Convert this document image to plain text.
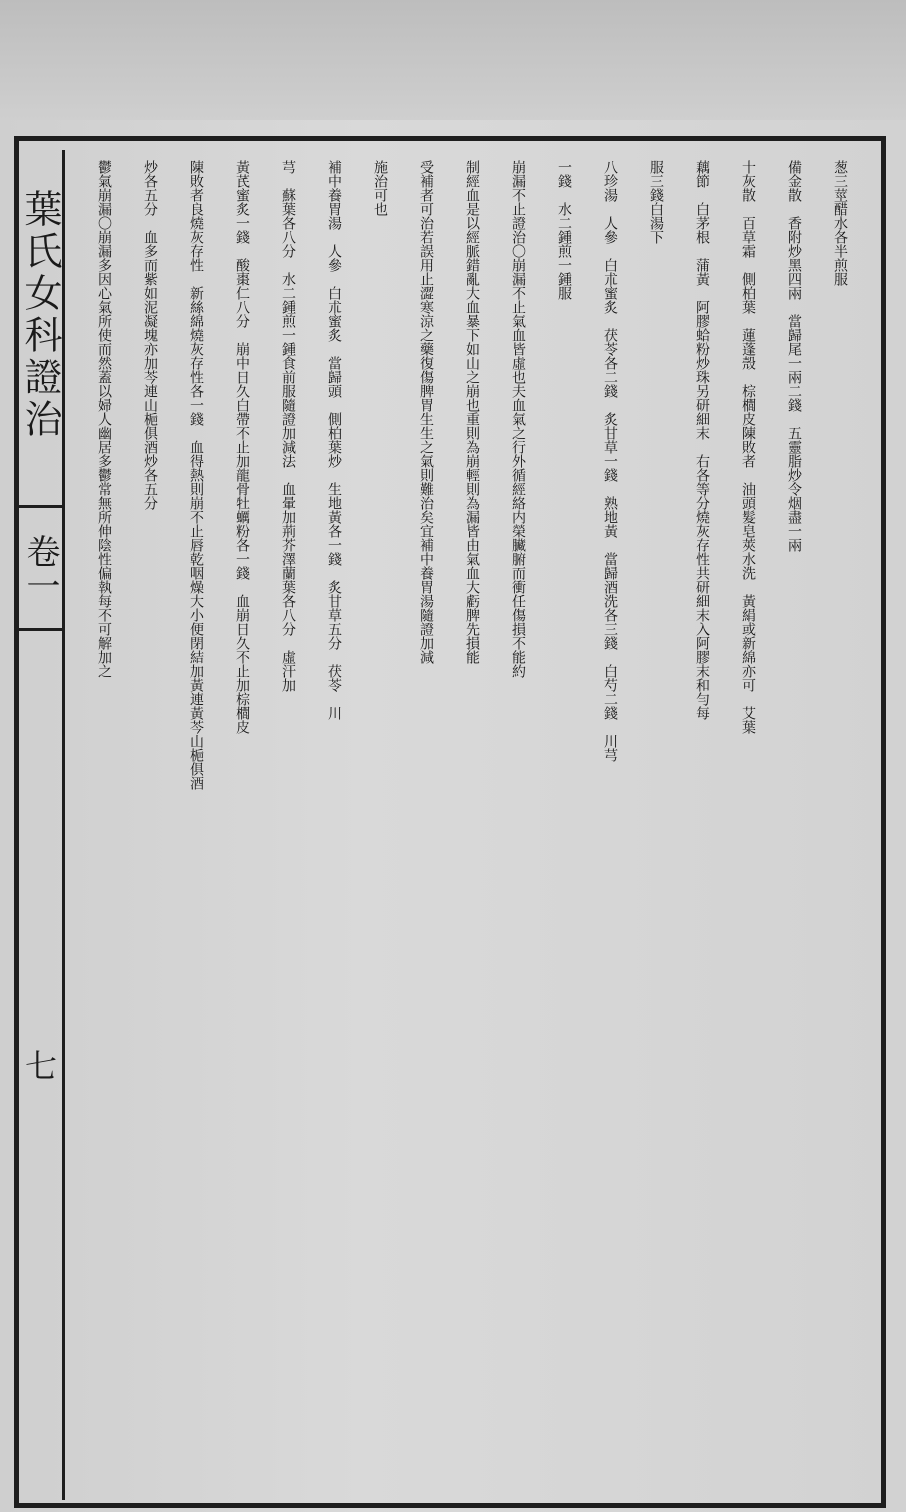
葉氏女科證治
卷一
七
葱三莖醋水各半煎服
備金散　香附炒黑四兩　當歸尾一兩二錢　五靈脂炒令烟盡一兩
十灰散　百草霜　側柏葉　蓮蓬殼　棕櫚皮陳敗者　油頭髮皂莢水洗　黃絹或新綿亦可　艾葉
藕節　白茅根　蒲黃　阿膠蛤粉炒珠另研細末　右各等分燒灰存性共研細末入阿膠末和勻每
服三錢白湯下
八珍湯　人參　白朮蜜炙　茯苓各二錢　炙甘草一錢　熟地黃　當歸酒洗各三錢　白芍二錢　川芎
一錢　水二鍾煎一鍾服
崩漏不止證治〇崩漏不止氣血皆虛也夫血氣之行外循經絡内榮臟腑而衝任傷損不能約
制經血是以經脈錯亂大血暴下如山之崩也重則為崩輕則為漏皆由氣血大虧脾先損能
受補者可治若誤用止澀寒涼之藥復傷脾胃生生之氣則難治矣宜補中養胃湯隨證加減
施治可也
補中養胃湯　人參　白朮蜜炙　當歸頭　側柏葉炒　生地黃各一錢　炙甘草五分　茯苓　川
芎　蘇葉各八分　水二鍾煎一鍾食前服隨證加減法　血暈加荊芥澤蘭葉各八分　虛汗加
黃芪蜜炙一錢　酸棗仁八分　崩中日久白帶不止加龍骨牡蠣粉各一錢　血崩日久不止加棕櫚皮
陳敗者良燒灰存性　新絲綿燒灰存性各一錢　血得熱則崩不止唇乾咽燥大小便閉結加黃連黃芩山梔俱酒
炒各五分　血多而紫如泥凝塊亦加芩連山梔俱酒炒各五分
鬱氣崩漏〇崩漏多因心氣所使而然蓋以婦人幽居多鬱常無所伸陰性偏執每不可解加之
